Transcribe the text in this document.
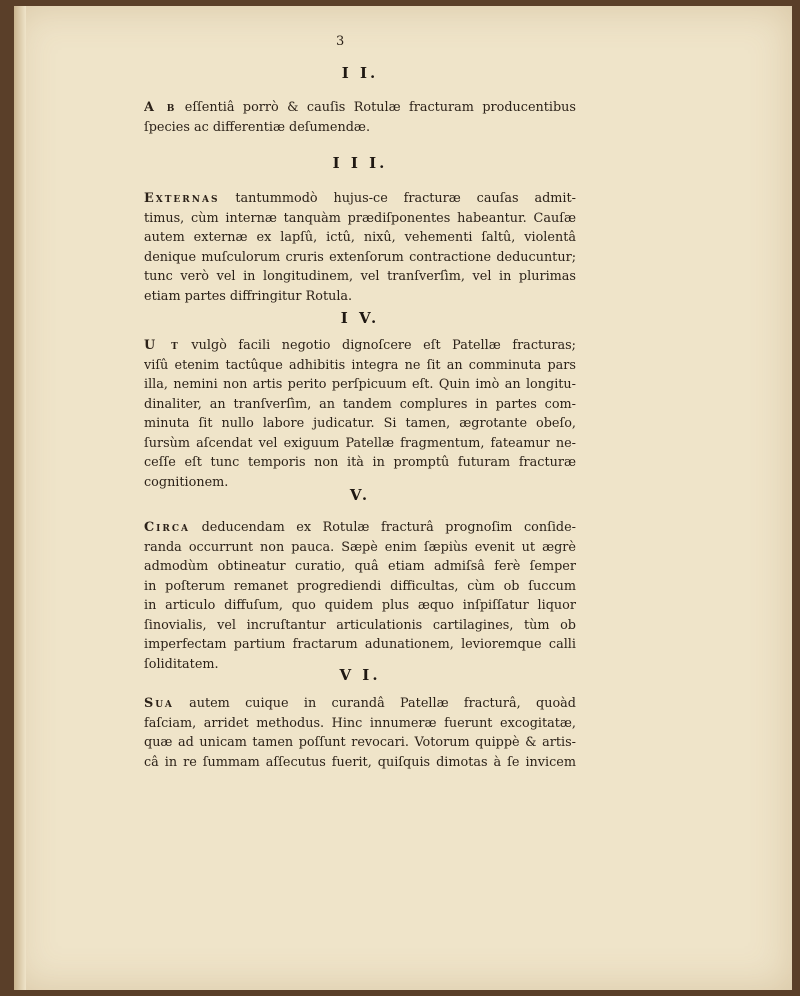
3
I I.

A b eſſentiâ porrò & cauſis Rotulæ fracturam producentibus

ſpecies ac differentiæ deſumendæ.

I I I.

Externas tantummodò hujus-ce fracturæ cauſas admit-

timus, cùm internæ tanquàm prædiſponentes habeantur. Cauſæ

autem externæ ex lapſû, ictû, nixû, vehementi ſaltû, violentâ

denique muſculorum cruris extenſorum contractione deducuntur;

tunc verò vel in longitudinem, vel tranſverſìm, vel in plurimas

etiam partes diffringitur Rotula.

I V.

U t vulgò facili negotio dignoſcere eſt Patellæ fracturas;

viſû etenim tactûque adhibitis integra ne ſit an comminuta pars

illa, nemini non artis perito perſpicuum eſt. Quin imò an longitu-

dinaliter, an tranſverſìm, an tandem complures in partes com-

minuta ſit nullo labore judicatur. Si tamen, ægrotante obeſo,

ſursùm aſcendat vel exiguum Patellæ fragmentum, fateamur ne-

ceſſe eſt tunc temporis non ità in promptû futuram fracturæ

cognitionem.

V.

Circa deducendam ex Rotulæ fracturâ prognoſim conſide-

randa occurrunt non pauca. Sæpè enim ſæpiùs evenit ut ægrè

admodùm obtineatur curatio, quâ etiam admiſsâ ferè ſemper

in poſterum remanet progrediendi difficultas, cùm ob ſuccum

in articulo diffuſum, quo quidem plus æquo inſpiſſatur liquor

ſinovialis, vel incruſtantur articulationis cartilagines, tùm ob

imperfectam partium fractarum adunationem, levioremque calli

ſoliditatem.

V I.

Sua autem cuique in curandâ Patellæ fracturâ, quoàd

faſciam, arridet methodus. Hinc innumeræ fuerunt excogitatæ,

quæ ad unicam tamen poſſunt revocari. Votorum quippè & artis-

câ in re ſummam aſſecutus fuerit, quiſquis dimotas à ſe invicem
